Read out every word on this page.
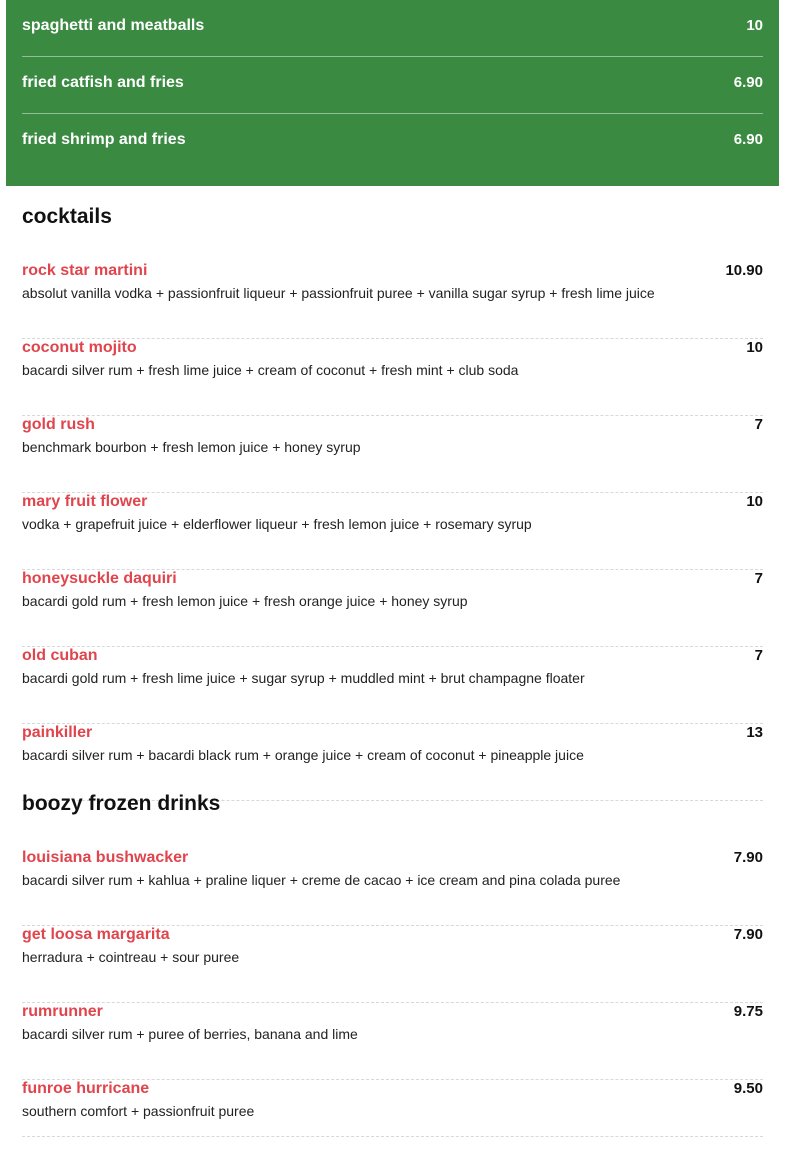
spaghetti and meatballs	10
fried catfish and fries	6.90
fried shrimp and fries	6.90
cocktails
rock star martini	10.90
absolut vanilla vodka + passionfruit liqueur + passionfruit puree + vanilla sugar syrup + fresh lime juice
coconut mojito	10
bacardi silver rum + fresh lime juice + cream of coconut + fresh mint + club soda
gold rush	7
benchmark bourbon + fresh lemon juice + honey syrup
mary fruit flower	10
vodka + grapefruit juice + elderflower liqueur + fresh lemon juice + rosemary syrup
honeysuckle daquiri	7
bacardi gold rum + fresh lemon juice + fresh orange juice + honey syrup
old cuban	7
bacardi gold rum + fresh lime juice + sugar syrup + muddled mint + brut champagne floater
painkiller	13
bacardi silver rum + bacardi black rum + orange juice + cream of coconut + pineapple juice
boozy frozen drinks
louisiana bushwacker	7.90
bacardi silver rum + kahlua + praline liquer + creme de cacao + ice cream and pina colada puree
get loosa margarita	7.90
herradura + cointreau + sour puree
rumrunner	9.75
bacardi silver rum + puree of berries, banana and lime
funroe hurricane	9.50
southern comfort + passionfruit puree
